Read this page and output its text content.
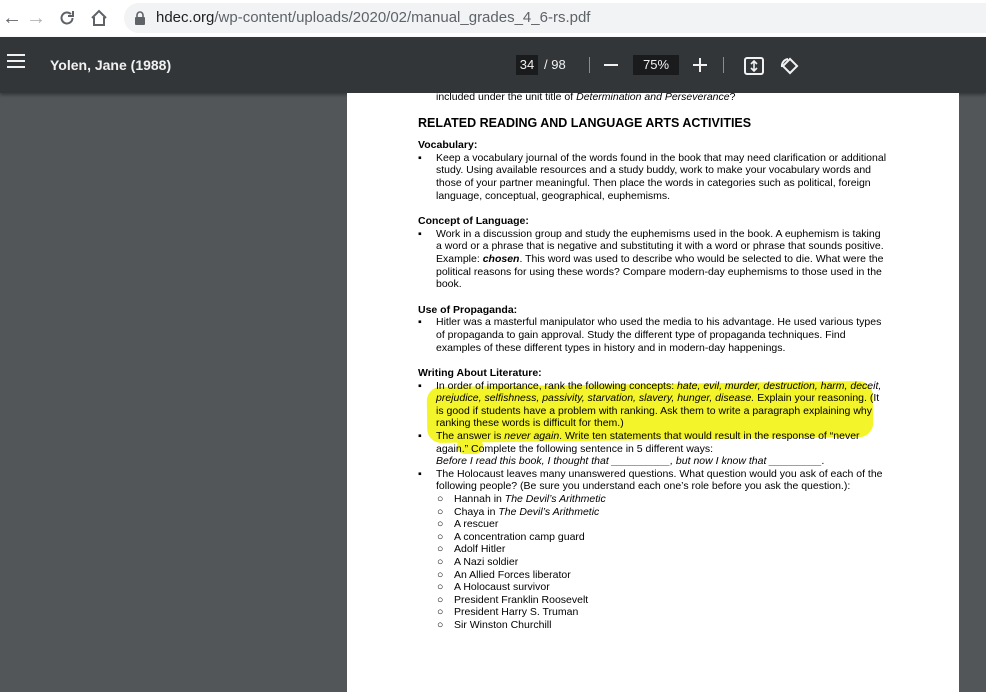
← →	hdec.org/wp-content/uploads/2020/02/manual_grades_4_6-rs.pdf
Yolen, Jane (1988)	34 / 98	75%

included under the unit title of Determination and Perseverance?

RELATED READING AND LANGUAGE ARTS ACTIVITIES

Vocabulary:

▪ Keep a vocabulary journal of the words found in the book that may need clarification or additional study. Using available resources and a study buddy, work to make your vocabulary words and those of your partner meaningful. Then place the words in categories such as political, foreign language, conceptual, geographical, euphemisms.

Concept of Language:

▪ Work in a discussion group and study the euphemisms used in the book. A euphemism is taking a word or a phrase that is negative and substituting it with a word or phrase that sounds positive. Example: chosen. This word was used to describe who would be selected to die. What were the political reasons for using these words? Compare modern-day euphemisms to those used in the book.

Use of Propaganda:

▪ Hitler was a masterful manipulator who used the media to his advantage. He used various types of propaganda to gain approval. Study the different type of propaganda techniques. Find examples of these different types in history and in modern-day happenings.

Writing About Literature:

▪ In order of importance, rank the following concepts: hate, evil, murder, destruction, harm, deceit, prejudice, selfishness, passivity, starvation, slavery, hunger, disease. Explain your reasoning. (It is good if students have a problem with ranking. Ask them to write a paragraph explaining why ranking these words is difficult for them.)
▪ The answer is never again. Write ten statements that would result in the response of “never again.” Complete the following sentence in 5 different ways:
Before I read this book, I thought that __________, but now I know that _________.
▪ The Holocaust leaves many unanswered questions. What question would you ask of each of the following people? (Be sure you understand each one’s role before you ask the question.):
○ Hannah in The Devil’s Arithmetic
○ Chaya in The Devil’s Arithmetic
○ A rescuer
○ A concentration camp guard
○ Adolf Hitler
○ A Nazi soldier
○ An Allied Forces liberator
○ A Holocaust survivor
○ President Franklin Roosevelt
○ President Harry S. Truman
○ Sir Winston Churchill
